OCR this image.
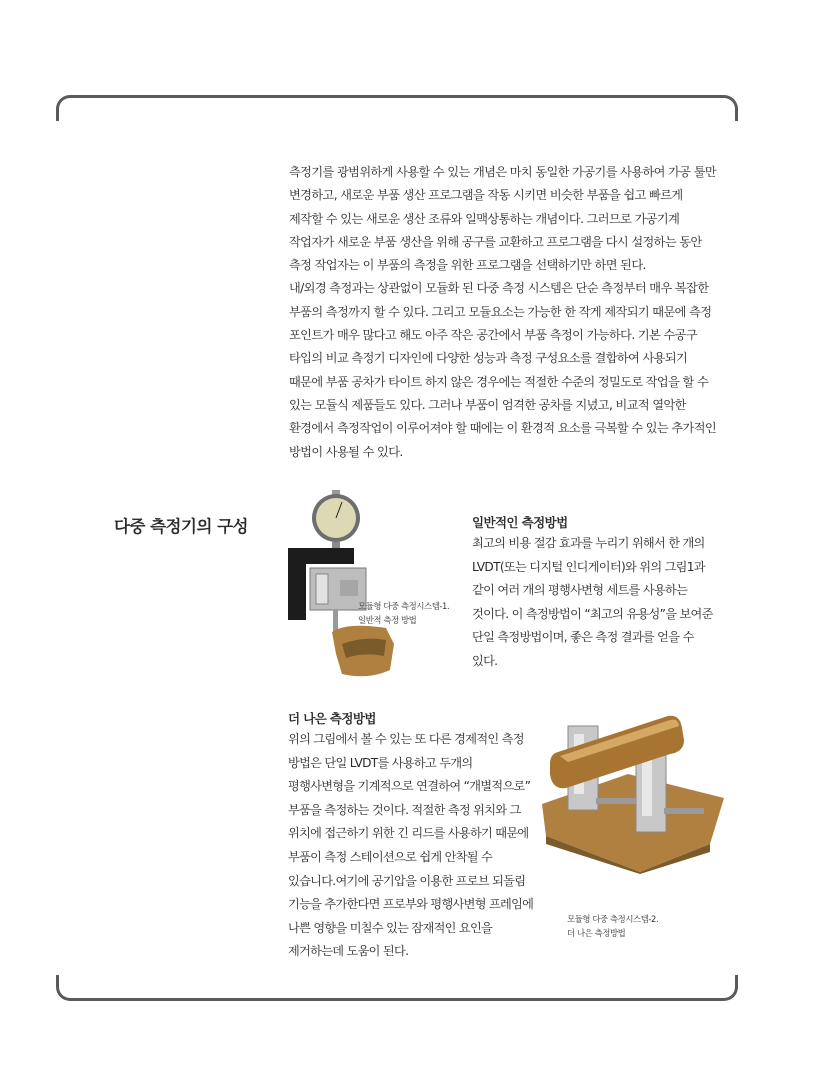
측정기를 광범위하게 사용할 수 있는 개념은 마치 동일한 가공기를 사용하여 가공 툴만 변경하고, 새로운 부품 생산 프로그램을 작동 시키면 비슷한 부품을 쉽고 빠르게 제작할 수 있는 새로운 생산 조류와 일맥상통하는 개념이다. 그러므로 가공기계 작업자가 새로운 부품 생산을 위해 공구를 교환하고 프로그램을 다시 설정하는 동안 측정 작업자는 이 부품의 측정을 위한 프로그램을 선택하기만 하면 된다.

내/외경 측정과는 상관없이 모듈화 된 다중 측정 시스템은 단순 측정부터 매우 복잡한 부품의 측정까지 할 수 있다. 그리고 모듈요소는 가능한 한 작게 제작되기 때문에 측정 포인트가 매우 많다고 해도 아주 작은 공간에서 부품 측정이 가능하다. 기본 수공구 타입의 비교 측정기 디자인에 다양한 성능과 측정 구성요소를 결합하여 사용되기 때문에 부품 공차가 타이트 하지 않은 경우에는 적절한 수준의 정밀도로 작업을 할 수 있는 모듈식 제품들도 있다. 그러나 부품이 엄격한 공차를 지녔고, 비교적 열악한 환경에서 측정작업이 이루어져야 할 때에는 이 환경적 요소를 극복할 수 있는 추가적인 방법이 사용될 수 있다.

다중 측정기의 구성
모듈형 다중 측정시스템-1.
일반적 측정 방법

일반적인 측정방법

최고의 비용 절감 효과를 누리기 위해서 한 개의 LVDT(또는 디지털 인디게이터)와 위의 그림1과 같이 여러 개의 평행사변형 세트를 사용하는 것이다. 이 측정방법이 “최고의 유용성”을 보여준 단일 측정방법이며, 좋은 측정 결과를 얻을 수 있다.

더 나은 측정방법

위의 그림에서 볼 수 있는 또 다른 경제적인 측정 방법은 단일 LVDT를 사용하고 두개의 평행사변형을 기계적으로 연결하여 “개별적으로” 부품을 측정하는 것이다. 적절한 측정 위치와 그 위치에 접근하기 위한 긴 리드를 사용하기 때문에 부품이 측정 스테이션으로 쉽게 안착될 수 있습니다.여기에 공기압을 이용한 프로브 되돌림 기능을 추가한다면 프로부와 평행사변형 프레임에 나쁜 영향을 미칠수 있는 잠재적인 요인을 제거하는데 도움이 된다.

모듈형 다중 측정시스템-2.
더 나은 측정방법
